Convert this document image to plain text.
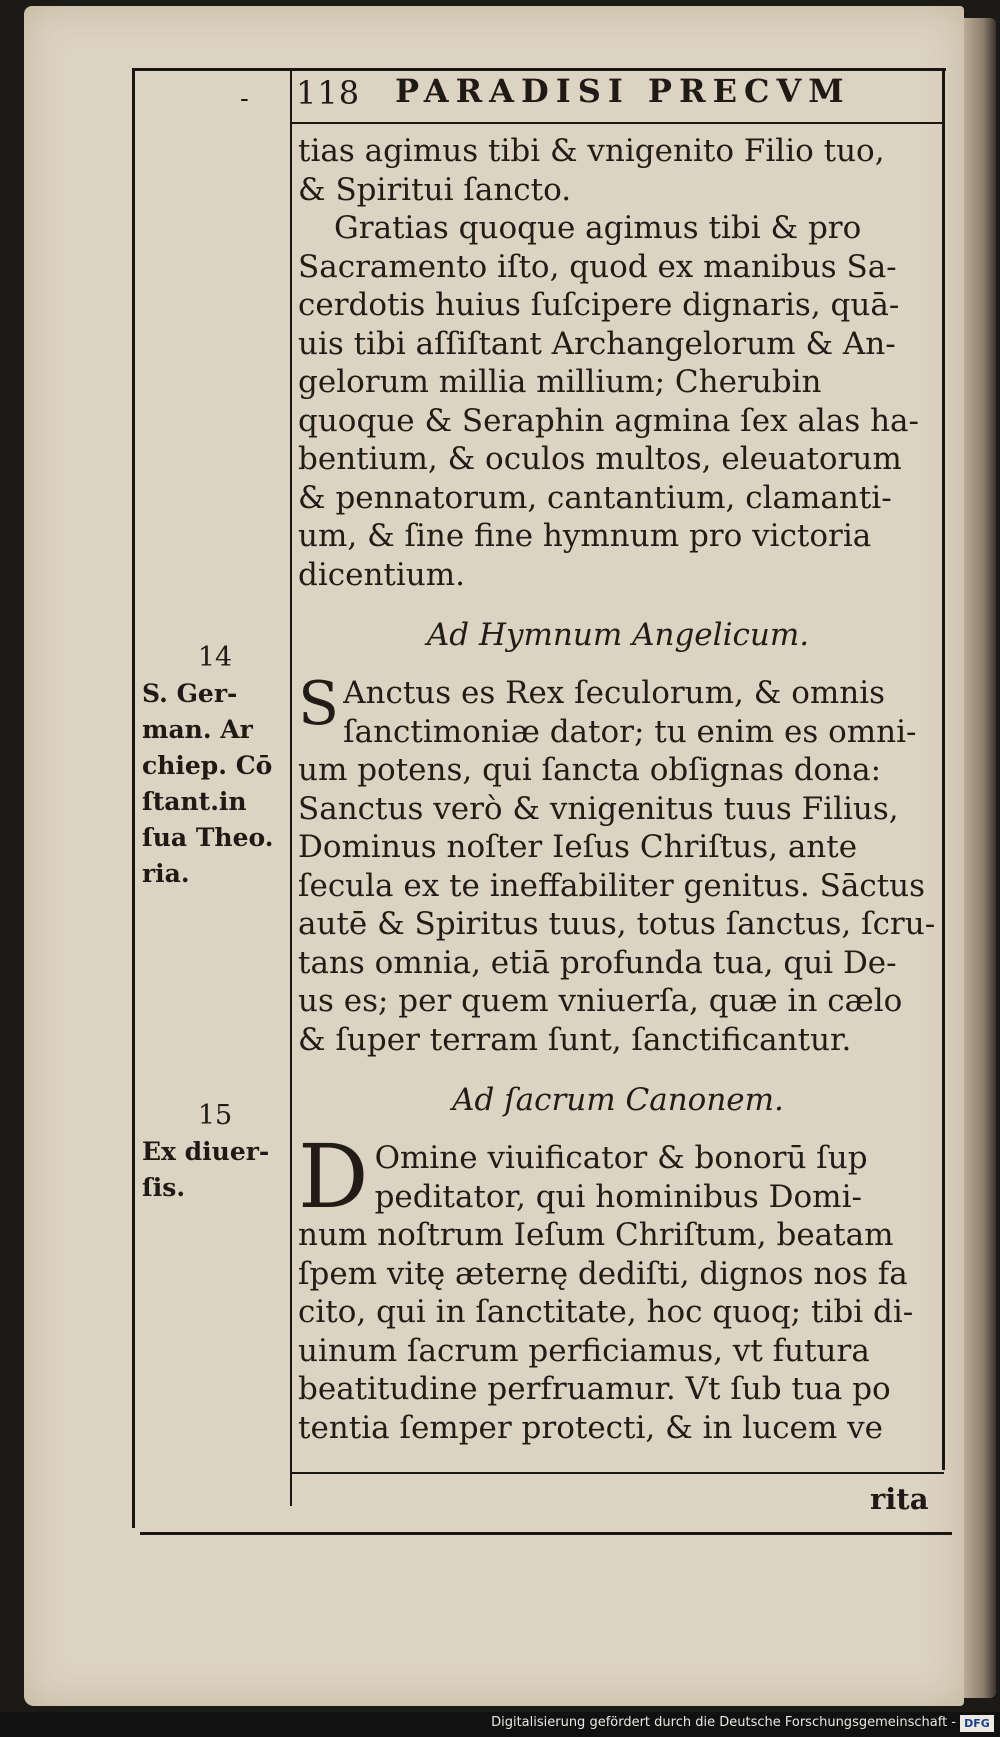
- 118 PARADISI PRECVM
tias agimus tibi & vnigenito Filio tuo,
& Spiritui ſancto.
Gratias quoque agimus tibi & pro
Sacramento iſto, quod ex manibus Sa-
cerdotis huius ſuſcipere dignaris, quā-
uis tibi aſſiſtant Archangelorum & An-
gelorum millia millium; Cherubin
quoque & Seraphin agmina ſex alas ha-
bentium, & oculos multos, eleuatorum
& pennatorum, cantantium, clamanti-
um, & ſine fine hymnum pro victoria
dicentium.
Ad Hymnum Angelicum.
S Anctus es Rex ſeculorum, & omnis
ſanctimoniæ dator; tu enim es omni-
um potens, qui ſancta obſignas dona:
Sanctus verò & vnigenitus tuus Filius,
Dominus noſter Ieſus Chriſtus, ante
ſecula ex te ineffabiliter genitus. Sāctus
autē & Spiritus tuus, totus ſanctus, ſcru-
tans omnia, etiā profunda tua, qui De-
us es; per quem vniuerſa, quæ in cælo
& ſuper terram ſunt, ſanctificantur.
Ad ſacrum Canonem.
D Omine viuificator & bonorū ſup
peditator, qui hominibus Domi-
num noſtrum Ieſum Chriſtum, beatam
ſpem vitę æternę dediſti, dignos nos fa
cito, qui in ſanctitate, hoc quoq; tibi di-
uinum ſacrum perficiamus, vt futura
beatitudine perfruamur. Vt ſub tua po
tentia ſemper protecti, & in lucem ve
rita
14
S. Ger-
man. Ar
chiep. Cō
ſtant.in
ſua Theo.
ria.
15
Ex diuer-
ſis.
Digitalisierung gefördert durch die Deutsche Forschungsgemeinschaft - DFG
